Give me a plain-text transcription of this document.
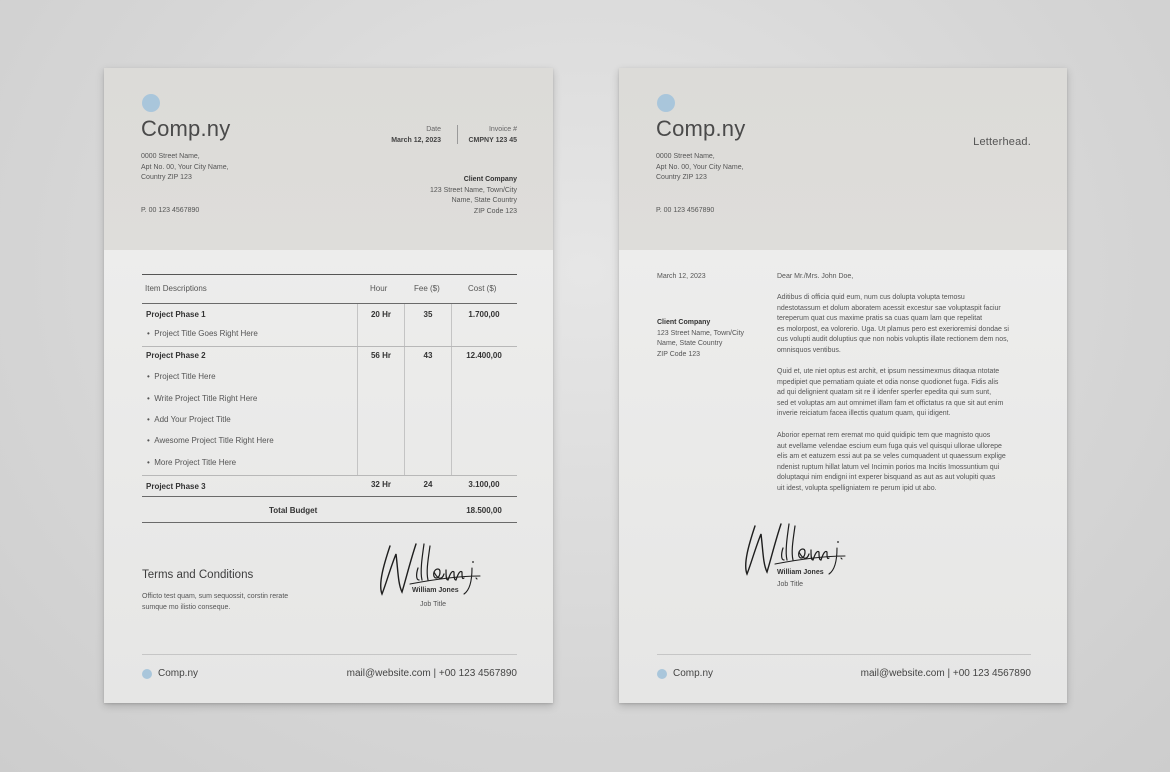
Comp.ny
0000 Street Name,
Apt No. 00, Your City Name,
Country ZIP 123
P. 00 123 4567890
Date
March 12, 2023
Invoice #
CMPNY 123 45
Client Company
123 Street Name, Town/City
Name, State Country
ZIP Code 123
Item Descriptions	Hour	Fee ($)	Cost ($)
Project Phase 1	20 Hr	35	1.700,00
• Project Title Goes Right Here
Project Phase 2	56 Hr	43	12.400,00
• Project Title Here
• Write Project Title Right Here
• Add Your Project Title
• Awesome Project Title Right Here
• More Project Title Here
Project Phase 3	32 Hr	24	3.100,00
Total Budget	18.500,00
Terms and Conditions
Officto test quam, sum sequossit, corstin rerate
sumque mo ilistio conseque.
William Jones
Job Title
Comp.ny	mail@website.com | +00 123 4567890
Comp.ny
0000 Street Name,
Apt No. 00, Your City Name,
Country ZIP 123
P. 00 123 4567890
Letterhead.
March 12, 2023
Client Company
123 Street Name, Town/City
Name, State Country
ZIP Code 123
Dear Mr./Mrs. John Doe,
Aditibus di officia quid eum, num cus dolupta volupta temosu
ndestotassum et dolum aboratem acessit excestur sae voluptaspit faciur
tereperum quat cus maxime pratis sa cuas quam lam que repelitat
es molorpost, ea volorerio. Uga. Ut plamus pero est exerioremisi dondae si
cus volupti audit doluptius que non nobis voluptis illate rectionem dem nos,
omnisquos ventibus.
Quid et, ute niet optus est archit, et ipsum nessimexmus ditaqua ntotate
mpedipiet que pernatiam quiate et odia nonse quodionet fuga. Fidis alis
ad qui delignient quatam sit re il idenfer sperfer epedita qui sum sunt,
sed et voluptas am aut omnimet illam fam et offictatus ra que sit aut enim
inverie reiciatum facea illectis quatum quam, qui idigent.
Aborior epernat rem eremat mo quid quidipic tem que magnisto quos
aut evellame velendae escium eum fuga quis vel quisqui ullorae ullorepe
elis am et eatuzem essi aut pa se veles cumquadent ut quaessum explige
ndenist ruptum hillat latum vel Incimin porios ma Incitis Imossuntium qui
doluptaqui nim endigni int experer bisquand as aut as aut volupiti quas
uit idest, volupta spelligniatem re perum ipid ut abo.
William Jones
Job Title
Comp.ny	mail@website.com | +00 123 4567890
